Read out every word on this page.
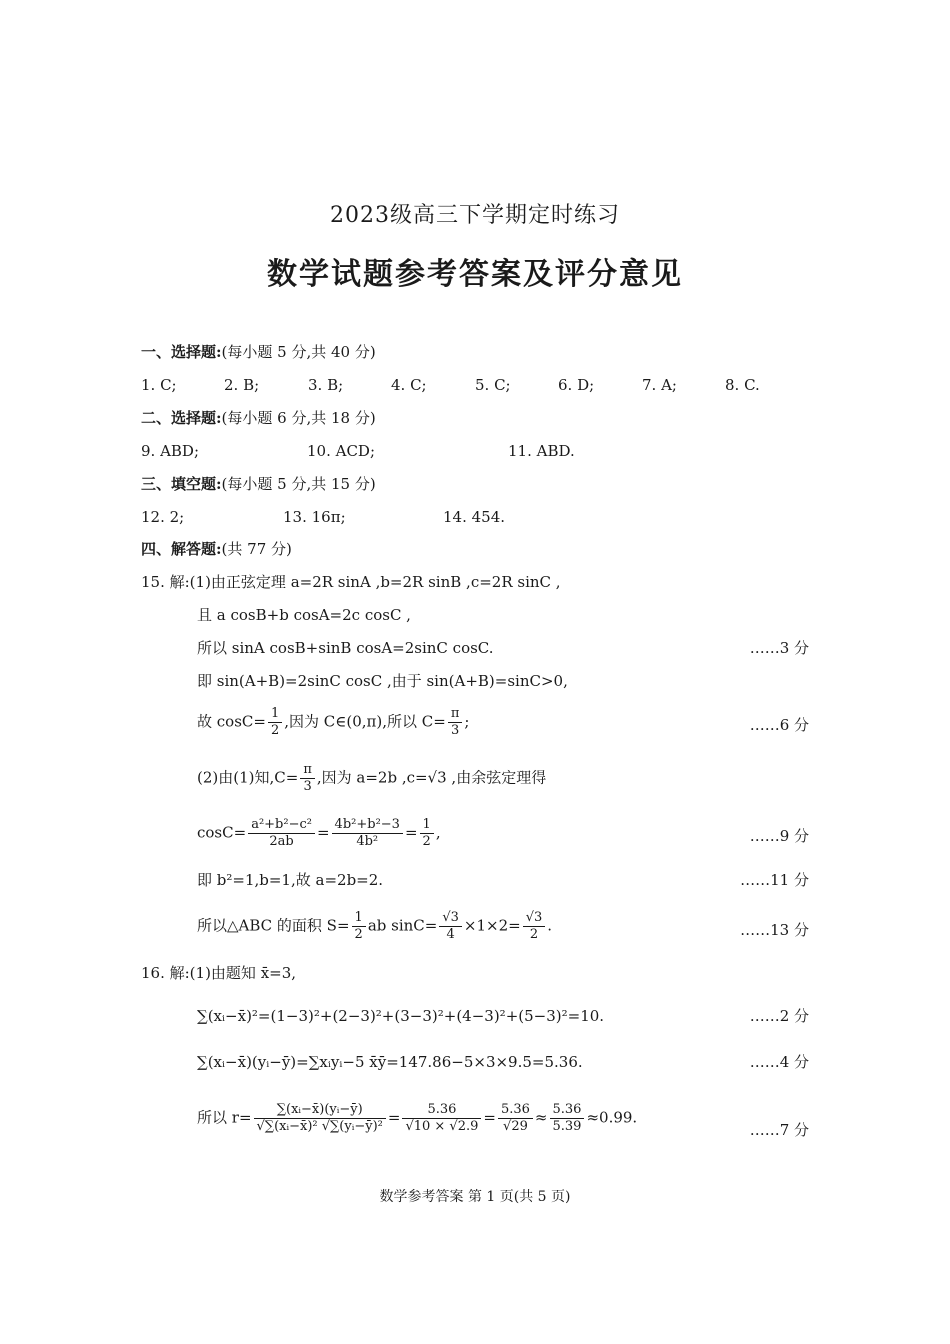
2023级高三下学期定时练习
数学试题参考答案及评分意见
一、选择题:(每小题 5 分,共 40 分)
1. C;	2. B;	3. B;	4. C;	5. C;	6. D;	7. A;	8. C.
二、选择题:(每小题 6 分,共 18 分)
9. ABD;	10. ACD;	11. ABD.
三、填空题:(每小题 5 分,共 15 分)
12. 2;	13. 16π;	14. 454.
四、解答题:(共 77 分)
15. 解:(1)由正弦定理 a=2R sinA ,b=2R sinB ,c=2R sinC ,
且 a cosB+b cosA=2c cosC ,
所以 sinA cosB+sinB cosA=2sinC cosC.	……3 分
即 sin(A+B)=2sinC cosC ,由于 sin(A+B)=sinC>0,
故 $\cos C= \frac{1}{2}$ ,因为 C∈(0,π),所以 $C= \frac{\pi}{3}$ ;	……6 分
(2)由(1)知$,C= \frac{\pi}{3}$ ,因为 a=2b ,c=√3 ,由余弦定理得
$\cos C= \frac{\text{a²+b²−c²}}{2ab} = \frac{\text{4b²+b²−3}}{\text{4b²}} = \frac{1}{2}$ ,	……9 分
即 b²=1,b=1,故 a=2b=2.	……11 分
所以△ABC 的面积 $S= \frac{1}{2}$ ab $\sin C= \frac{√3}{4} \times 1\times 2= \frac{√3}{2}$ .	……13 分
16. 解:(1)由题知 x̄=3,
∑(xᵢ−x̄)²=(1−3)²+(2−3)²+(3−3)²+(4−3)²+(5−3)²=10.	……2 分
∑(xᵢ−x̄)(yᵢ−ȳ)=∑xᵢyᵢ−5 x̄ȳ=147.86−5×3×9.5=5.36.	……4 分
所以 $r= \frac{\text{∑(xᵢ−x̄)(yᵢ−ȳ)}}{\text{√∑(xᵢ−x̄)² √∑(yᵢ−ȳ)²}} = \frac{5.36}{√10 \times √2.9} = \frac{5.36}{√29} \approx \frac{5.36}{5.39} \approx 0.99$.
……7 分
数学参考答案 第 1 页(共 5 页)
